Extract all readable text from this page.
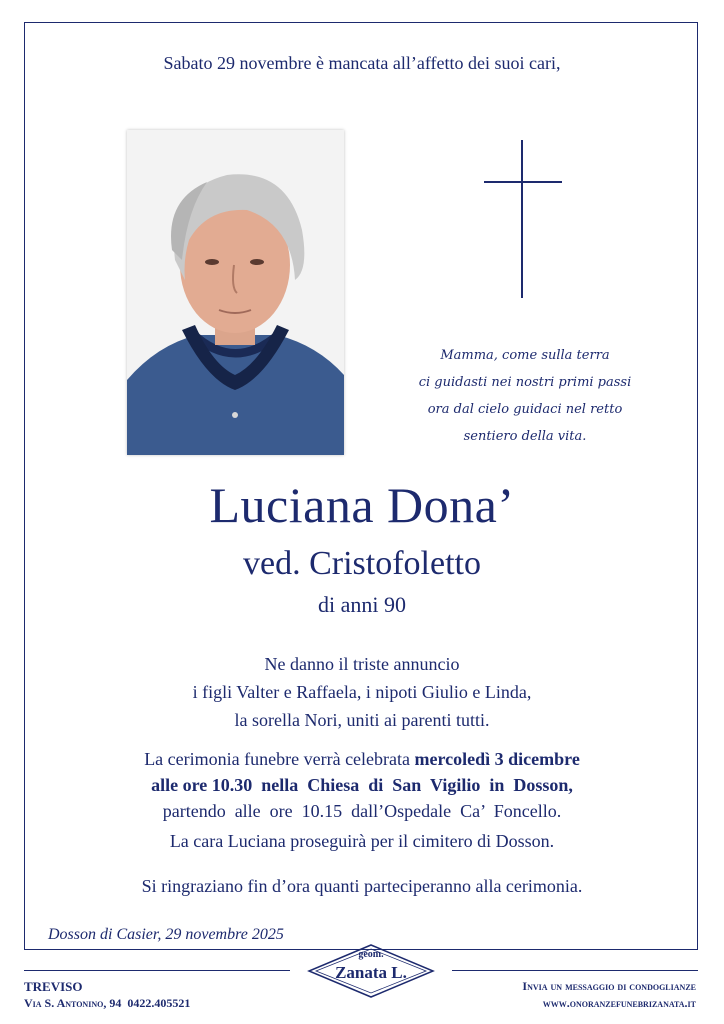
Sabato 29 novembre è mancata all’affetto dei suoi cari,
Mamma, come sulla terra
ci guidasti nei nostri primi passi
ora dal cielo guidaci nel retto
sentiero della vita.
Luciana Dona’
ved. Cristofoletto
di anni 90
Ne danno il triste annuncio
i figli Valter e Raffaela, i nipoti Giulio e Linda,
la sorella Nori, uniti ai parenti tutti.
La cerimonia funebre verrà celebrata mercoledì 3 dicembre
alle ore 10.30  nella  Chiesa  di  San  Vigilio  in  Dosson,
partendo  alle  ore  10.15  dall’Ospedale  Ca’  Foncello.
La cara Luciana proseguirà per il cimitero di Dosson.
Si ringraziano fin d’ora quanti parteciperanno alla cerimonia.
Dosson di Casier, 29 novembre 2025
TREVISO
Via S. Antonino, 94 0422.405521
geom.
Zanata L.
Invia un messaggio di condoglianze
www.onoranzefunebrizanata.it
